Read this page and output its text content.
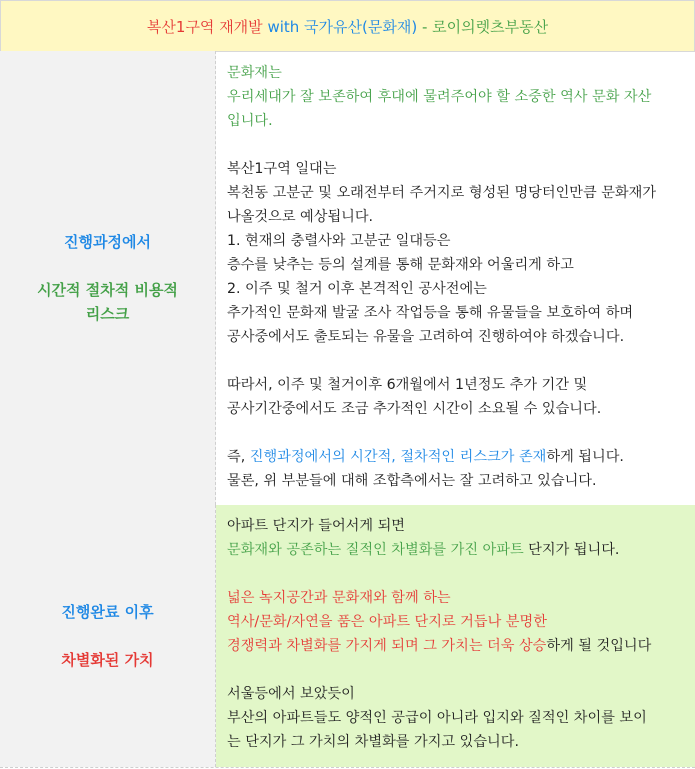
복산1구역 재개발
with 국가유산(문화재)
- 로이의렛츠부동산
진행과정에서
시간적 절차적 비용적
리스크
문화재는
우리세대가 잘 보존하여 후대에 물려주어야 할 소중한 역사 문화 자산
입니다.
복산1구역 일대는
복천동 고분군 및 오래전부터 주거지로 형성된 명당터인만큼 문화재가
나올것으로 예상됩니다.
1. 현재의 충렬사와 고분군 일대등은
층수를 낮추는 등의 설계를 통해 문화재와 어울리게 하고
2. 이주 및 철거 이후 본격적인 공사전에는
추가적인 문화재 발굴 조사 작업등을 통해 유물들을 보호하여 하며
공사중에서도 출토되는 유물을 고려하여 진행하여야 하겠습니다.
따라서, 이주 및 철거이후 6개월에서 1년정도 추가 기간 및
공사기간중에서도 조금 추가적인 시간이 소요될 수 있습니다.
즉, 진행과정에서의 시간적, 절차적인 리스크가 존재하게 됩니다.
물론, 위 부분들에 대해 조합측에서는 잘 고려하고 있습니다.
진행완료 이후
차별화된 가치
아파트 단지가 들어서게 되면
문화재와 공존하는 질적인 차별화를 가진 아파트 단지가 됩니다.
넓은 녹지공간과 문화재와 함께 하는
역사/문화/자연을 품은 아파트 단지로 거듭나 분명한
경쟁력과 차별화를 가지게 되며 그 가치는 더욱 상승하게 될 것입니다
서울등에서 보았듯이
부산의 아파트들도 양적인 공급이 아니라 입지와 질적인 차이를 보이
는 단지가 그 가치의 차별화를 가지고 있습니다.
